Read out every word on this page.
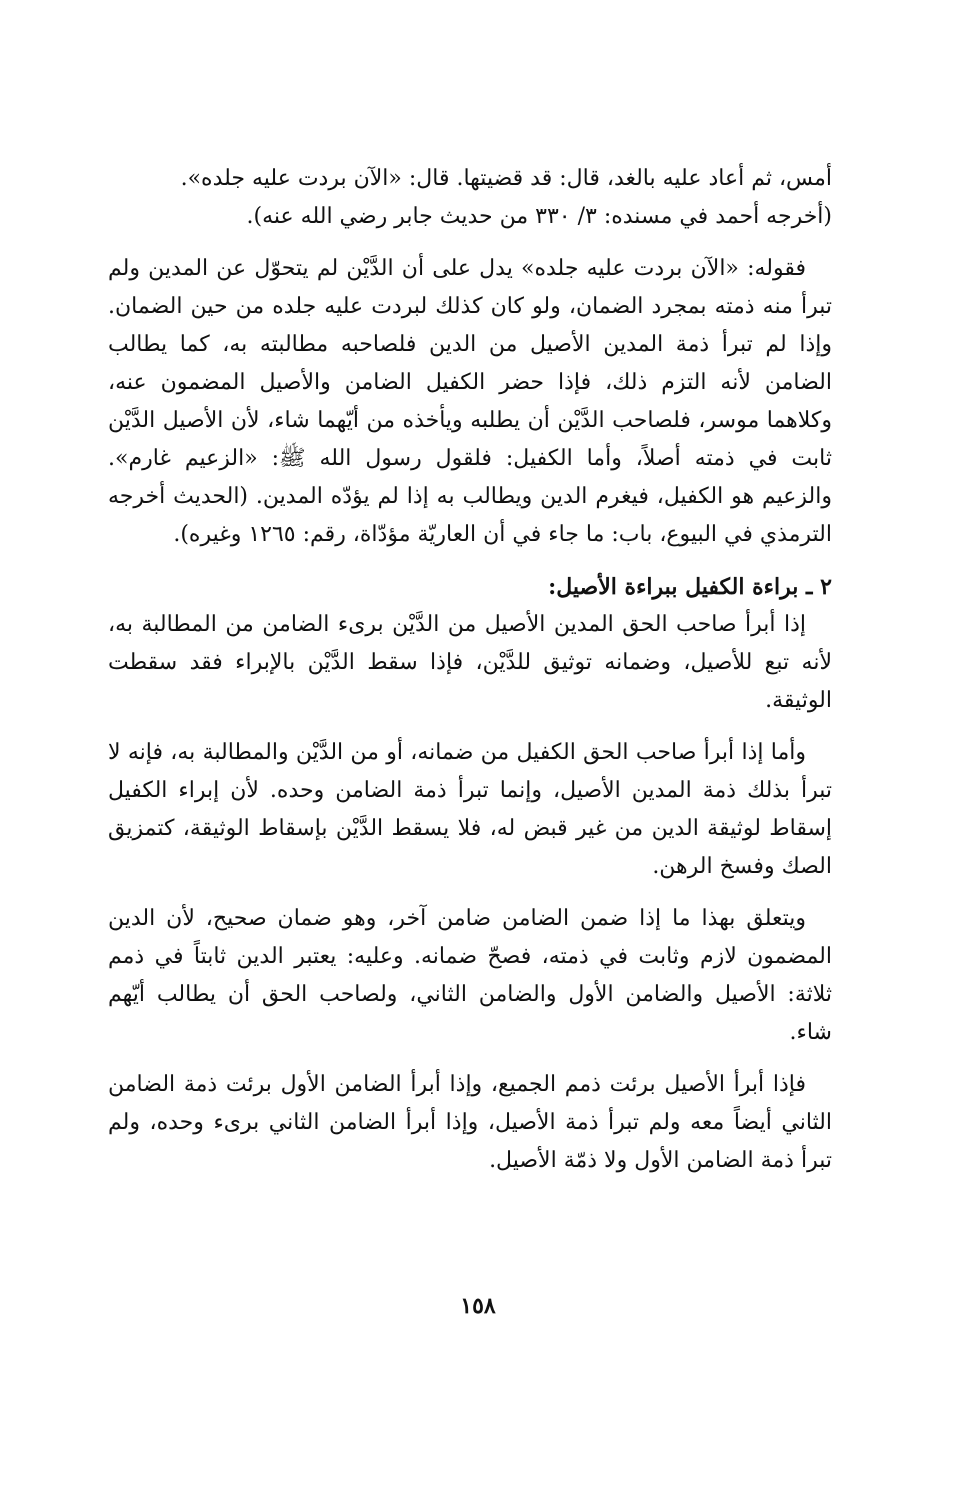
أمس، ثم أعاد عليه بالغد، قال: قد قضيتها. قال: «الآن بردت عليه جلده».

(أخرجه أحمد في مسنده: ٣/ ٣٣٠ من حديث جابر رضي الله عنه).

فقوله: «الآن بردت عليه جلده» يدل على أن الدَّيْن لم يتحوّل عن المدين ولم تبرأ منه ذمته بمجرد الضمان، ولو كان كذلك لبردت عليه جلده من حين الضمان. وإذا لم تبرأ ذمة المدين الأصيل من الدين فلصاحبه مطالبته به، كما يطالب الضامن لأنه التزم ذلك، فإذا حضر الكفيل الضامن والأصيل المضمون عنه، وكلاهما موسر، فلصاحب الدَّيْن أن يطلبه ويأخذه من أيّهما شاء، لأن الأصيل الدَّيْن ثابت في ذمته أصلاً، وأما الكفيل: فلقول رسول الله ﷺ: «الزعيم غارم». والزعيم هو الكفيل، فيغرم الدين ويطالب به إذا لم يؤدّه المدين. (الحديث أخرجه الترمذي في البيوع، باب: ما جاء في أن العاريّة مؤدّاة، رقم: ١٢٦٥ وغيره).

٢ ـ براءة الكفيل ببراءة الأصيل:

إذا أبرأ صاحب الحق المدين الأصيل من الدَّيْن برىء الضامن من المطالبة به، لأنه تبع للأصيل، وضمانه توثيق للدَّيْن، فإذا سقط الدَّيْن بالإبراء فقد سقطت الوثيقة.

وأما إذا أبرأ صاحب الحق الكفيل من ضمانه، أو من الدَّيْن والمطالبة به، فإنه لا تبرأ بذلك ذمة المدين الأصيل، وإنما تبرأ ذمة الضامن وحده. لأن إبراء الكفيل إسقاط لوثيقة الدين من غير قبض له، فلا يسقط الدَّيْن بإسقاط الوثيقة، كتمزيق الصك وفسخ الرهن.

ويتعلق بهذا ما إذا ضمن الضامن ضامن آخر، وهو ضمان صحيح، لأن الدين المضمون لازم وثابت في ذمته، فصحّ ضمانه. وعليه: يعتبر الدين ثابتاً في ذمم ثلاثة: الأصيل والضامن الأول والضامن الثاني، ولصاحب الحق أن يطالب أيّهم شاء.

فإذا أبرأ الأصيل برئت ذمم الجميع، وإذا أبرأ الضامن الأول برئت ذمة الضامن الثاني أيضاً معه ولم تبرأ ذمة الأصيل، وإذا أبرأ الضامن الثاني برىء وحده، ولم تبرأ ذمة الضامن الأول ولا ذمّة الأصيل.

١٥٨
